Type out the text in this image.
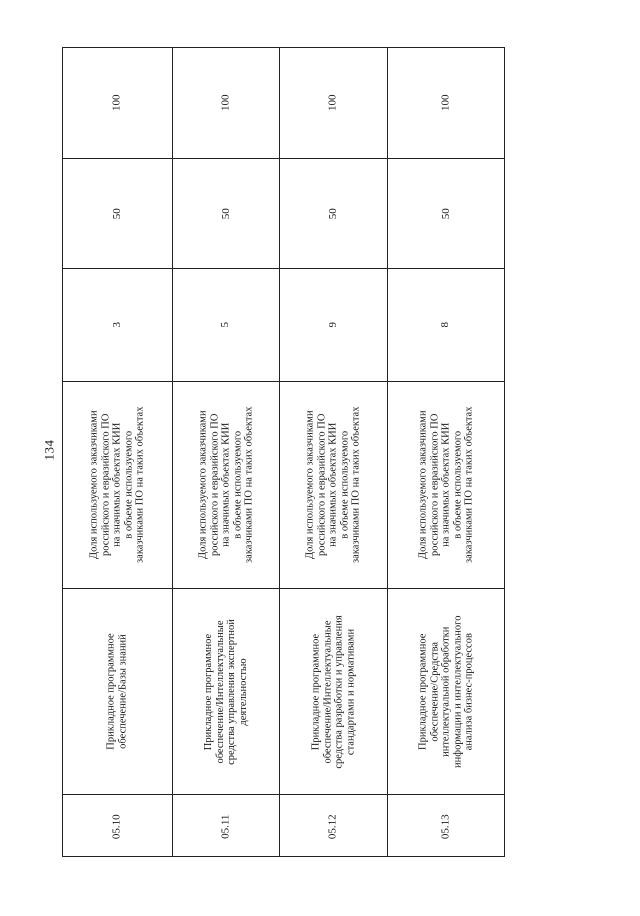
134
100
50
3
Доля используемого заказчиками
российского и евразийского ПО
на значимых объектах КИИ
в объеме используемого
заказчиками ПО на таких объектах
Прикладное программное
обеспечение/Базы знаний
05.10
100
50
5
Доля используемого заказчиками
российского и евразийского ПО
на значимых объектах КИИ
в объеме используемого
заказчиками ПО на таких объектах
Прикладное программное
обеспечение/Интеллектуальные
средства управления экспертной
деятельностью
05.11
100
50
9
Доля используемого заказчиками
российского и евразийского ПО
на значимых объектах КИИ
в объеме используемого
заказчиками ПО на таких объектах
Прикладное программное
обеспечение/Интеллектуальные
средства разработки и управления
стандартами и нормативами
05.12
100
50
8
Доля используемого заказчиками
российского и евразийского ПО
на значимых объектах КИИ
в объеме используемого
заказчиками ПО на таких объектах
Прикладное программное
обеспечение/Средства
интеллектуальной обработки
информации и интеллектуального
анализа бизнес-процессов
05.13
